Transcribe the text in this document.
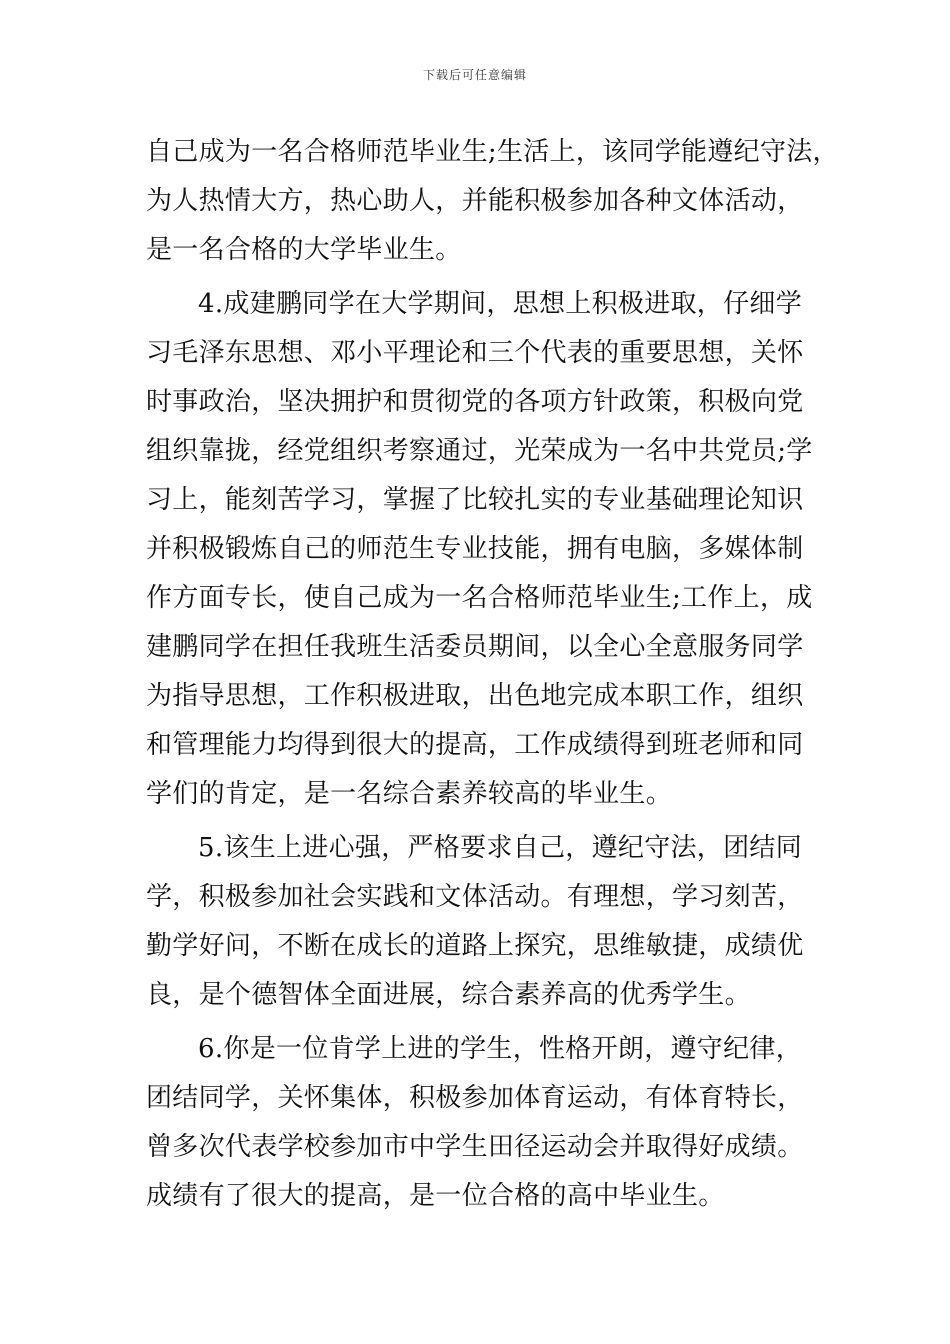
下载后可任意编辑
自己成为一名合格师范毕业生;生活上，该同学能遵纪守法，
为人热情大方，热心助人，并能积极参加各种文体活动，
是一名合格的大学毕业生。
4.成建鹏同学在大学期间，思想上积极进取，仔细学
习毛泽东思想、邓小平理论和三个代表的重要思想，关怀
时事政治，坚决拥护和贯彻党的各项方针政策，积极向党
组织靠拢，经党组织考察通过，光荣成为一名中共党员;学
习上，能刻苦学习，掌握了比较扎实的专业基础理论知识
并积极锻炼自己的师范生专业技能，拥有电脑，多媒体制
作方面专长，使自己成为一名合格师范毕业生;工作上，成
建鹏同学在担任我班生活委员期间，以全心全意服务同学
为指导思想，工作积极进取，出色地完成本职工作，组织
和管理能力均得到很大的提高，工作成绩得到班老师和同
学们的肯定，是一名综合素养较高的毕业生。
5.该生上进心强，严格要求自己，遵纪守法，团结同
学，积极参加社会实践和文体活动。有理想，学习刻苦，
勤学好问，不断在成长的道路上探究，思维敏捷，成绩优
良，是个德智体全面进展，综合素养高的优秀学生。
6.你是一位肯学上进的学生，性格开朗，遵守纪律，
团结同学，关怀集体，积极参加体育运动，有体育特长，
曾多次代表学校参加市中学生田径运动会并取得好成绩。
成绩有了很大的提高，是一位合格的高中毕业生。
